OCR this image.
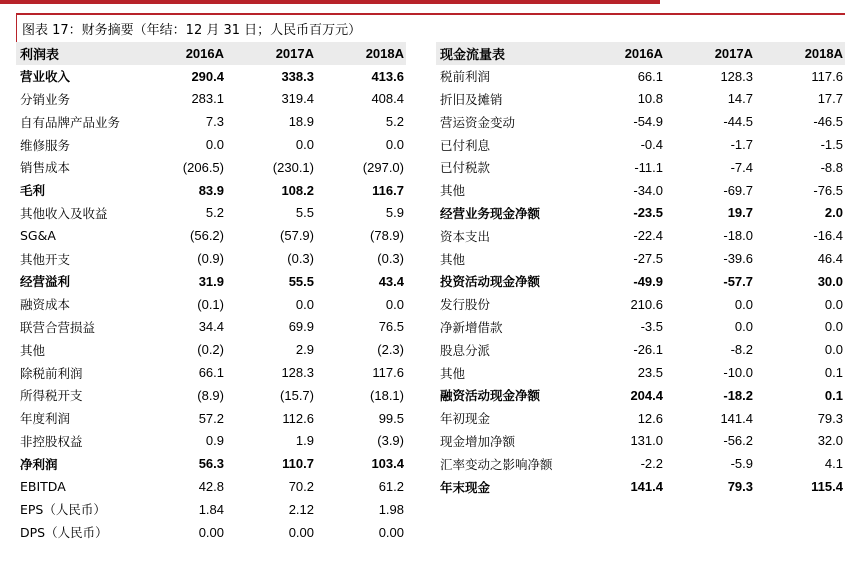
图表 17：财务摘要（年结：12 月 31 日；人民币百万元）
利润表	2016A	2017A	2018A
营业收入	290.4	338.3	413.6
分销业务	283.1	319.4	408.4
自有品牌产品业务	7.3	18.9	5.2
维修服务	0.0	0.0	0.0
销售成本	(206.5)	(230.1)	(297.0)
毛利	83.9	108.2	116.7
其他收入及收益	5.2	5.5	5.9
SG&A	(56.2)	(57.9)	(78.9)
其他开支	(0.9)	(0.3)	(0.3)
经营溢利	31.9	55.5	43.4
融资成本	(0.1)	0.0	0.0
联营合营损益	34.4	69.9	76.5
其他	(0.2)	2.9	(2.3)
除税前利润	66.1	128.3	117.6
所得税开支	(8.9)	(15.7)	(18.1)
年度利润	57.2	112.6	99.5
非控股权益	0.9	1.9	(3.9)
净利润	56.3	110.7	103.4
EBITDA	42.8	70.2	61.2
EPS（人民币）	1.84	2.12	1.98
DPS（人民币）	0.00	0.00	0.00
现金流量表	2016A	2017A	2018A
税前利润	66.1	128.3	117.6
折旧及摊销	10.8	14.7	17.7
营运资金变动	-54.9	-44.5	-46.5
已付利息	-0.4	-1.7	-1.5
已付税款	-11.1	-7.4	-8.8
其他	-34.0	-69.7	-76.5
经营业务现金净额	-23.5	19.7	2.0
资本支出	-22.4	-18.0	-16.4
其他	-27.5	-39.6	46.4
投资活动现金净额	-49.9	-57.7	30.0
发行股份	210.6	0.0	0.0
净新增借款	-3.5	0.0	0.0
股息分派	-26.1	-8.2	0.0
其他	23.5	-10.0	0.1
融资活动现金净额	204.4	-18.2	0.1
年初现金	12.6	141.4	79.3
现金增加净额	131.0	-56.2	32.0
汇率变动之影响净额	-2.2	-5.9	4.1
年末现金	141.4	79.3	115.4
